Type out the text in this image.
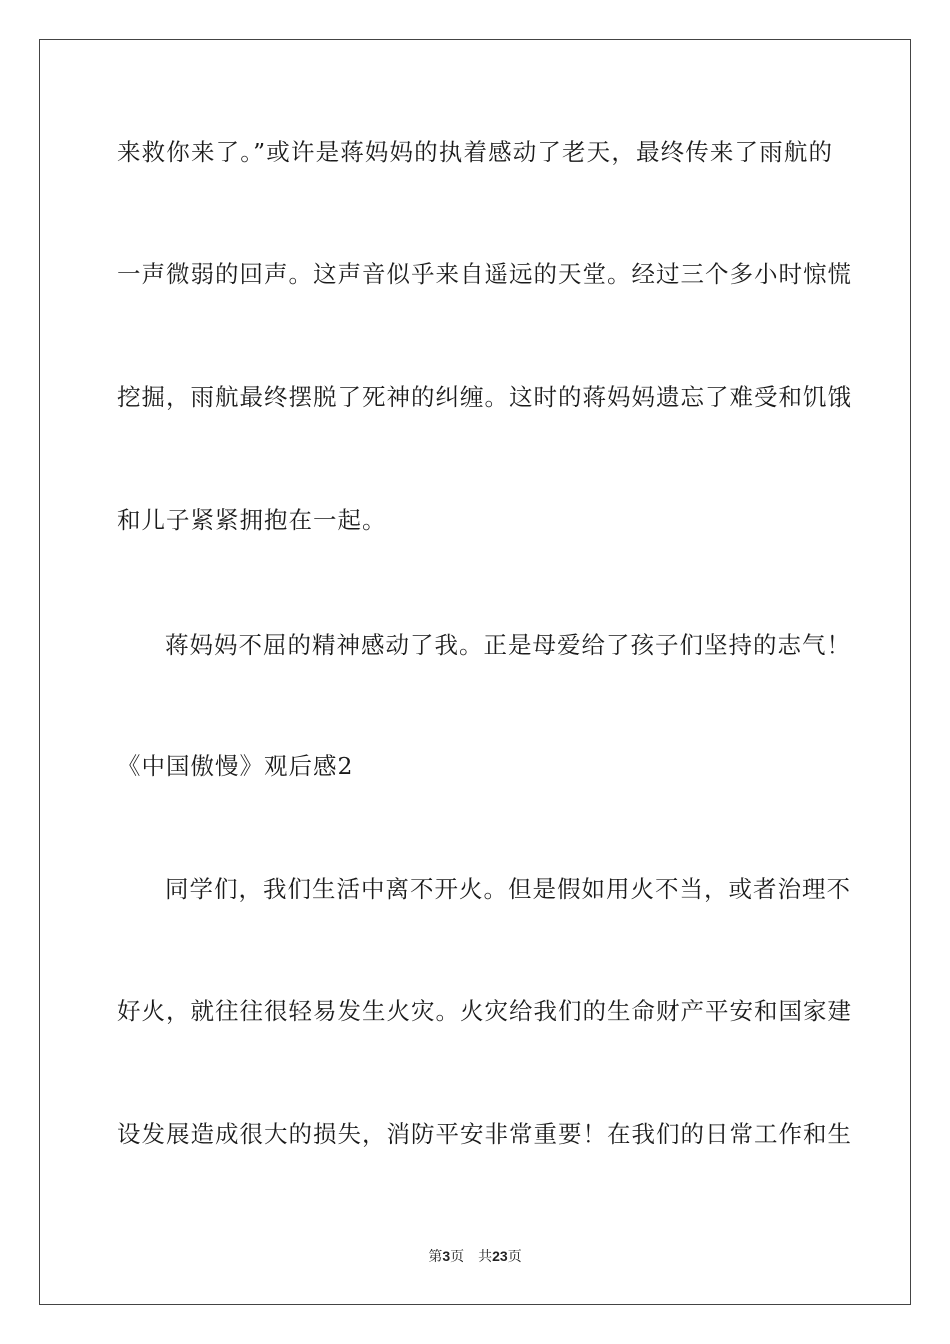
来救你来了。”或许是蒋妈妈的执着感动了老天，最终传来了雨航的
一声微弱的回声。这声音似乎来自遥远的天堂。经过三个多小时惊慌
挖掘，雨航最终摆脱了死神的纠缠。这时的蒋妈妈遗忘了难受和饥饿
和儿子紧紧拥抱在一起。
蒋妈妈不屈的精神感动了我。正是母爱给了孩子们坚持的志气！
《中国傲慢》观后感2
同学们，我们生活中离不开火。但是假如用火不当，或者治理不
好火，就往往很轻易发生火灾。火灾给我们的生命财产平安和国家建
设发展造成很大的损失，消防平安非常重要！在我们的日常工作和生
第3页 共23页
